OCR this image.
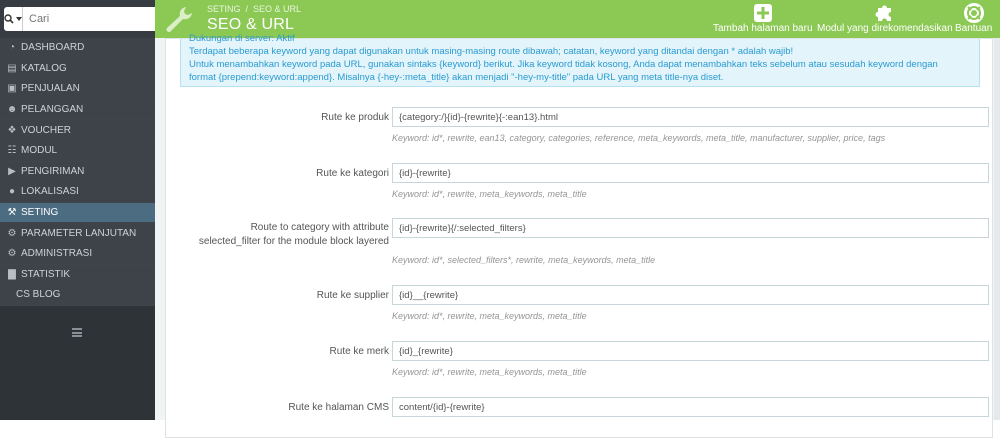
Cari
◔ DASHBOARD
▤ KATALOG
▣ PENJUALAN
☻ PELANGGAN
❖ VOUCHER
☷ MODUL
▶ PENGIRIMAN
● LOKALISASI
⚒ SETING
⚙ PARAMETER LANJUTAN
⚙ ADMINISTRASI
▇ STATISTIK
CS BLOG
SETING / SEO & URL
SEO & URL	Tambah halaman baru Modul yang direkomendasikan Bantuan
Dukungan di server: Aktif
Terdapat beberapa keyword yang dapat digunakan untuk masing-masing route dibawah; catatan, keyword yang ditandai dengan * adalah wajib!
Untuk menambahkan keyword pada URL, gunakan sintaks {keyword} berikut. Jika keyword tidak kosong, Anda dapat menambahkan teks sebelum atau sesudah keyword dengan
format {prepend:keyword:append}. Misalnya {-hey-:meta_title} akan menjadi "-hey-my-title" pada URL yang meta title-nya diset.
Rute ke produk
{category:/}{id}-{rewrite}{-:ean13}.html
Keyword: id*, rewrite, ean13, category, categories, reference, meta_keywords, meta_title, manufacturer, supplier, price, tags
Rute ke kategori
{id}-{rewrite}
Keyword: id*, rewrite, meta_keywords, meta_title
Route to category with attribute
selected_filter for the module block layered
{id}-{rewrite}{/:selected_filters}
Keyword: id*, selected_filters*, rewrite, meta_keywords, meta_title
Rute ke supplier
{id}__{rewrite}
Keyword: id*, rewrite, meta_keywords, meta_title
Rute ke merk
{id}_{rewrite}
Keyword: id*, rewrite, meta_keywords, meta_title
Rute ke halaman CMS
content/{id}-{rewrite}
